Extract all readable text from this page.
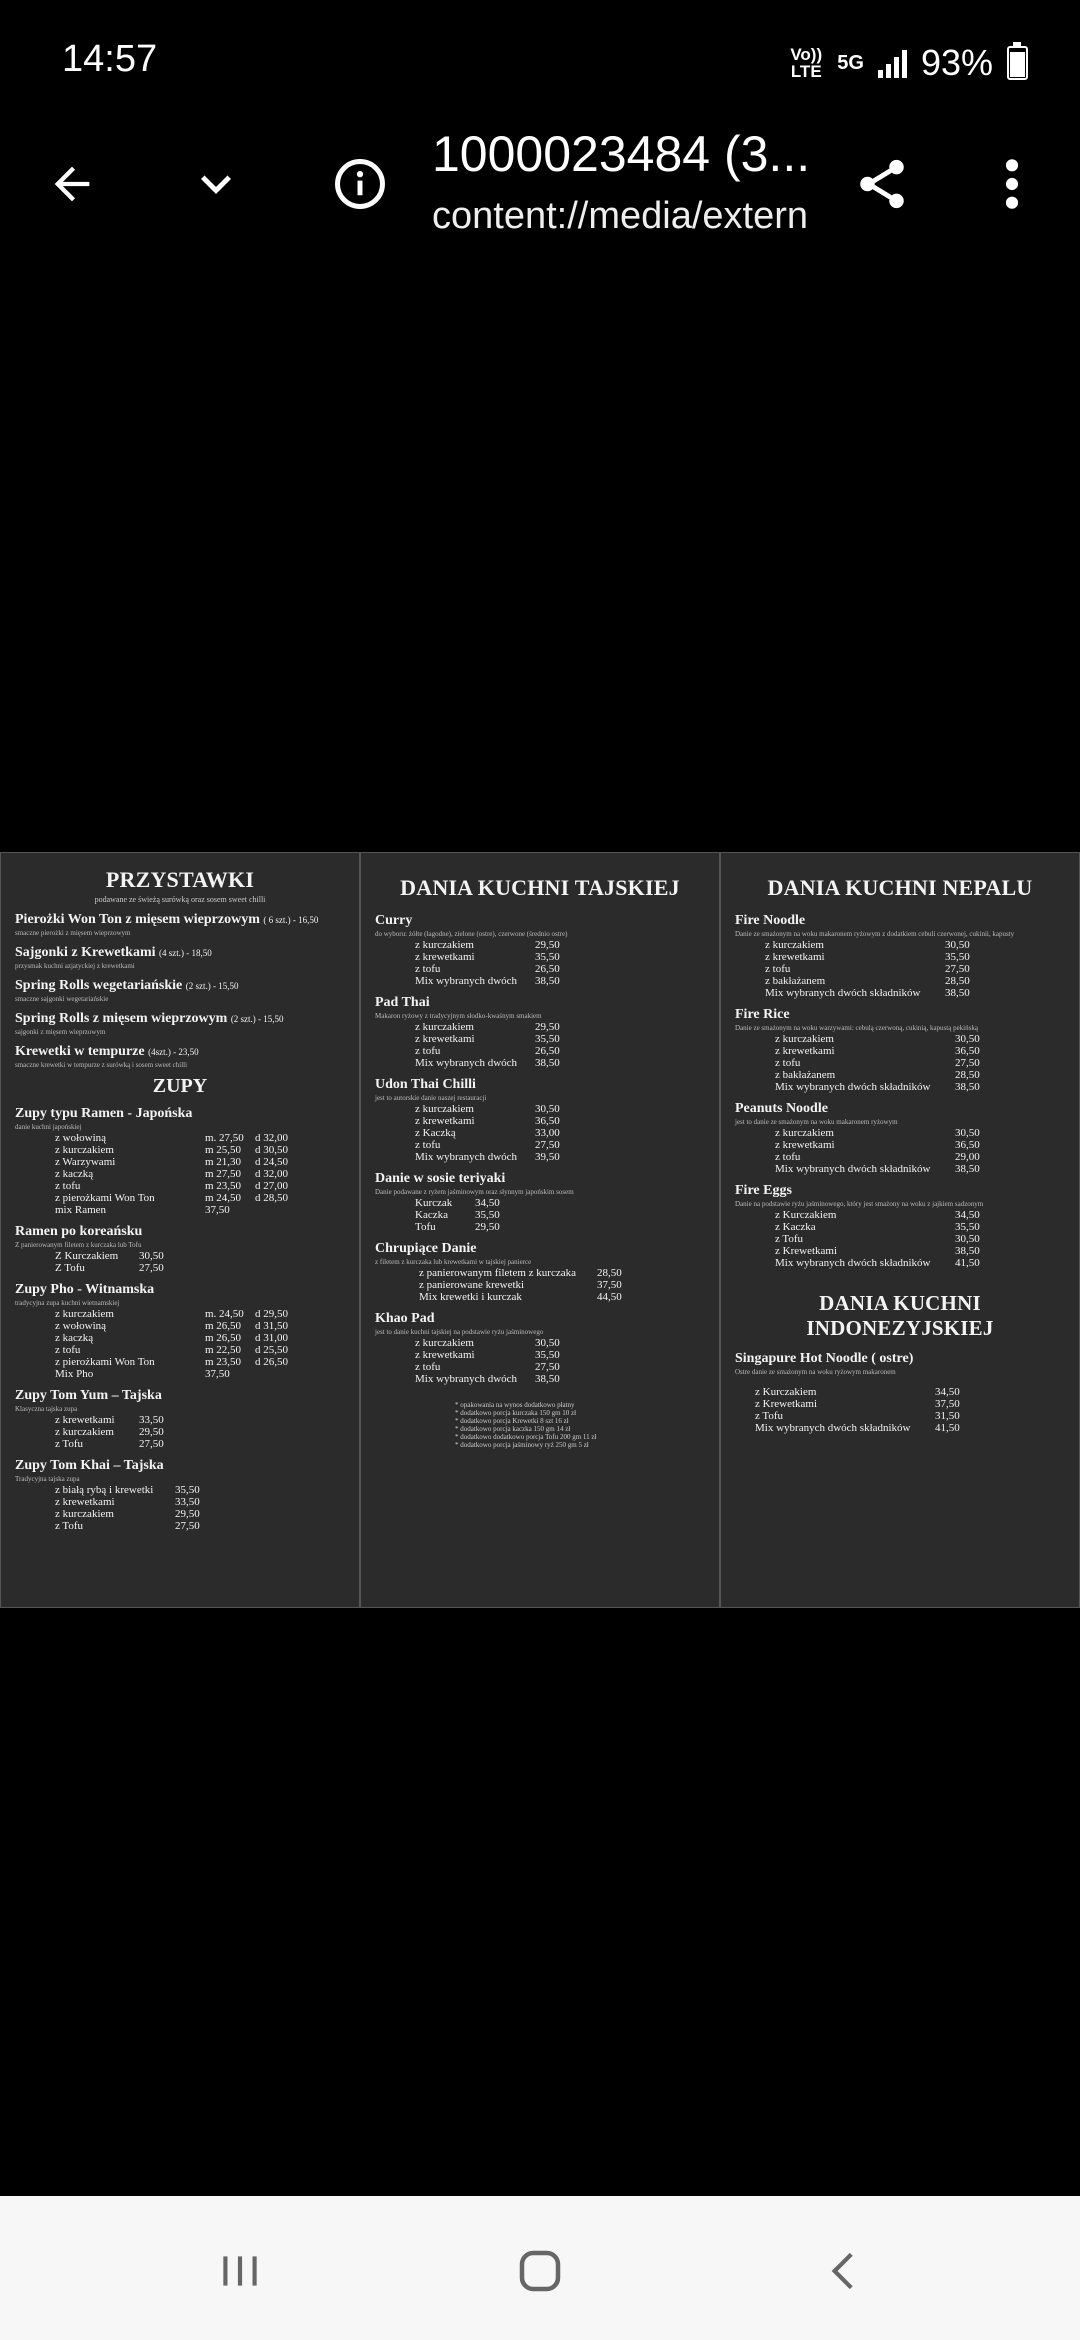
14:57	Vo)) LTE 5G 93%
1000023484 (3...
content://media/extern
PRZYSTAWKI
podawane ze świeżą surówką oraz sosem sweet chilli
Pierożki Won Ton z mięsem wieprzowym ( 6 szt.) - 16,50
smaczne pierożki z mięsem wieprzowym
Sajgonki z Krewetkami (4 szt.) - 18,50
przysmak kuchni azjatyckiej z krewetkami
Spring Rolls wegetariańskie (2 szt.) - 15,50
smaczne sajgonki wegetariańskie
Spring Rolls z mięsem wieprzowym (2 szt.) - 15,50
sajgonki z mięsem wieprzowym
Krewetki w tempurze (4szt.) - 23,50
smaczne krewetki w tempurze z surówką i sosem sweet chilli
ZUPY
Zupy typu Ramen - Japońska
danie kuchni japońskiej
z wołowiną	m. 27,50	d 32,00
z kurczakiem	m 25,50	d 30,50
z Warzywami	m 21,30	d 24,50
z kaczką	m 27,50	d 32,00
z tofu	m 23,50	d 27,00
z pierożkami Won Ton	m 24,50	d 28,50
mix Ramen	37,50
Ramen po koreańsku
Z panierowanym filetem z kurczaka lub Tofu
Z Kurczakiem	30,50
Z Tofu	27,50
Zupy Pho - Witnamska
tradycyjna zupa kuchni wietnamskiej
z kurczakiem	m. 24,50	d 29,50
z wołowiną	m 26,50	d 31,50
z kaczką	m 26,50	d 31,00
z tofu	m 22,50	d 25,50
z pierożkami Won Ton	m 23,50	d 26,50
Mix Pho	37,50
Zupy Tom Yum – Tajska
Klasyczna tajska zupa
z krewetkami	33,50
z kurczakiem	29,50
z Tofu	27,50
Zupy Tom Khai – Tajska
Tradycyjna tajska zupa
z białą rybą i krewetki	35,50
z krewetkami	33,50
z kurczakiem	29,50
z Tofu	27,50
DANIA KUCHNI TAJSKIEJ
Curry
do wyboru: żółte (łagodne), zielone (ostre), czerwone (średnio ostre)
z kurczakiem	29,50
z krewetkami	35,50
z tofu	26,50
Mix wybranych dwóch	38,50
Pad Thai
Makaron ryżowy z tradycyjnym słodko-kwaśnym smakiem
z kurczakiem	29,50
z krewetkami	35,50
z tofu	26,50
Mix wybranych dwóch	38,50
Udon Thai Chilli
jest to autorskie danie naszej restauracji
z kurczakiem	30,50
z krewetkami	36,50
z Kaczką	33,00
z tofu	27,50
Mix wybranych dwóch	39,50
Danie w sosie teriyaki
Danie podawane z ryżem jaśminowym oraz słynnym japońskim sosem
Kurczak	34,50
Kaczka	35,50
Tofu	29,50
Chrupiące Danie
z filetem z kurczaka lub krewetkami w tajskiej panierce
z panierowanym filetem z kurczaka	28,50
z panierowane krewetki	37,50
Mix krewetki i kurczak	44,50
Khao Pad
jest to danie kuchni tajskiej na podstawie ryżu jaśminowego
z kurczakiem	30,50
z krewetkami	35,50
z tofu	27,50
Mix wybranych dwóch	38,50
* opakowania na wynos dodatkowo płatny
* dodatkowo porcja kurczaka 150 gm 10 zł
* dodatkowo porcja Krewetki 8 szt 16 zł
* dodatkowo porcja kaczka 150 gm 14 zł
* dodatkowo dodatkowo porcja Tofu 200 gm 11 zł
* dodatkowo porcja jaśminowy ryż 250 gm 5 zł
DANIA KUCHNI NEPALU
Fire Noodle
Danie ze smażonym na woku makaronem ryżowym z dodatkiem cebuli czerwonej, cukinii, kapusty
z kurczakiem	30,50
z krewetkami	35,50
z tofu	27,50
z bakłażanem	28,50
Mix wybranych dwóch składników	38,50
Fire Rice
Danie ze smażonym na woku warzywami: cebulą czerwoną, cukinią, kapustą pekińską
z kurczakiem	30,50
z krewetkami	36,50
z tofu	27,50
z bakłażanem	28,50
Mix wybranych dwóch składników	38,50
Peanuts Noodle
jest to danie ze smażonym na woku makaronem ryżowym
z kurczakiem	30,50
z krewetkami	36,50
z tofu	29,00
Mix wybranych dwóch składników	38,50
Fire Eggs
Danie na podstawie ryżu jaśminowego, który jest smażony na woku z jajkiem sadzonym
z Kurczakiem	34,50
z Kaczka	35,50
z Tofu	30,50
z Krewetkami	38,50
Mix wybranych dwóch składników	41,50
DANIA KUCHNI INDONEZYJSKIEJ
Singapure Hot Noodle ( ostre)
Ostre danie ze smażonym na woku ryżowym makaronem
z Kurczakiem	34,50
z Krewetkami	37,50
z Tofu	31,50
Mix wybranych dwóch składników	41,50
